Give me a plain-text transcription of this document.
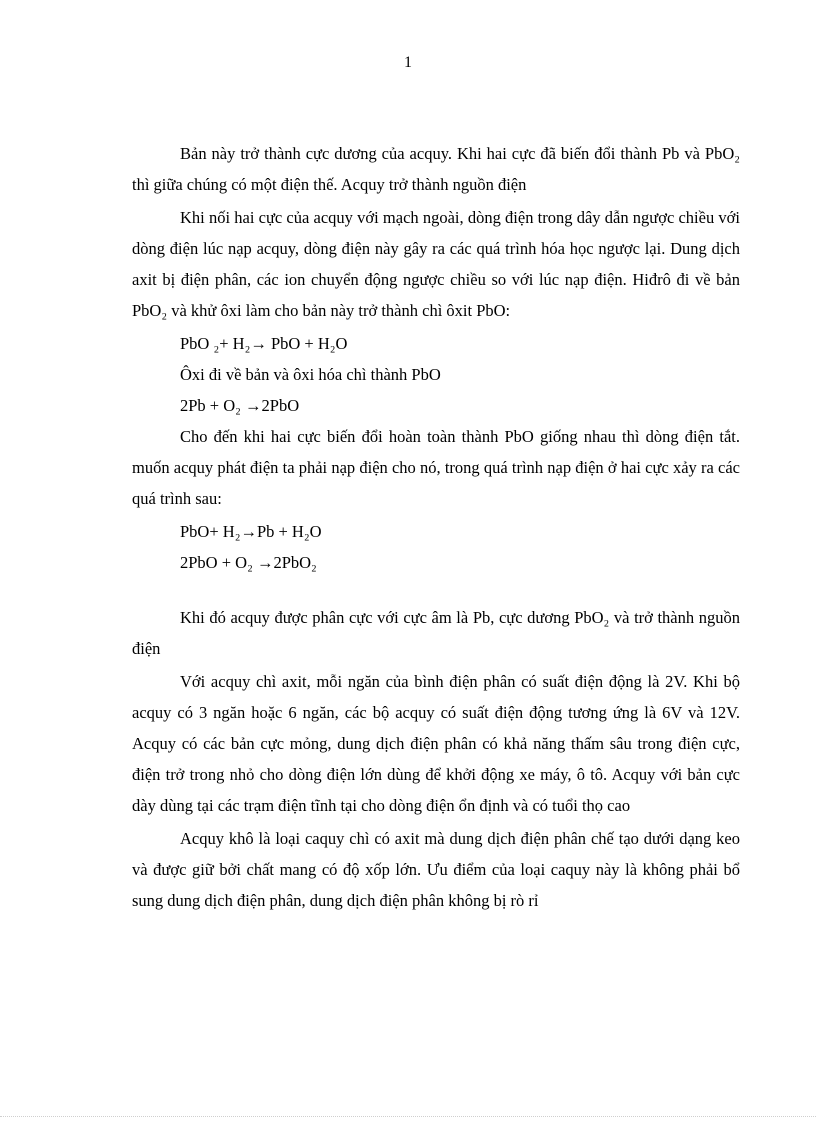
1

Bản này trở thành cực dương của acquy. Khi hai cực đã biến đổi thành Pb và PbO₂ thì giữa chúng có một điện thế. Acquy trở thành nguồn điện

Khi nối hai cực của acquy với mạch ngoài, dòng điện trong dây dẫn ngược chiều với dòng điện lúc nạp acquy, dòng điện này gây ra các quá trình hóa học ngược lại. Dung dịch axit bị điện phân, các ion chuyển động ngược chiều so với lúc nạp điện. Hiđrô đi về bản PbO₂ và khử ôxi làm cho bản này trở thành chì ôxit PbO:

PbO ₂+ H₂→ PbO + H₂O

Ôxi đi về bản và ôxi hóa chì thành PbO

2Pb + O₂ →2PbO

Cho đến khi hai cực biến đổi hoàn toàn thành PbO giống nhau thì dòng điện tắt. muốn acquy phát điện ta phải nạp điện cho nó, trong quá trình nạp điện ở hai cực xảy ra các quá trình sau:

PbO+ H₂→Pb + H₂O

2PbO + O₂ →2PbO₂

Khi đó acquy được phân cực với cực âm là Pb, cực dương PbO₂ và trở thành nguồn điện

Với acquy chì axit, mỗi ngăn của bình điện phân có suất điện động là 2V. Khi bộ acquy có 3 ngăn hoặc 6 ngăn, các bộ acquy có suất điện động tương ứng là 6V và 12V. Acquy có các bản cực mỏng, dung dịch điện phân có khả năng thấm sâu trong điện cực, điện trở trong nhỏ cho dòng điện lớn dùng để khởi động xe máy, ô tô. Acquy với bản cực dày dùng tại các trạm điện tĩnh tại cho dòng điện ổn định và có tuổi thọ cao

Acquy khô là loại caquy chì có axit mà dung dịch điện phân chế tạo dưới dạng keo và được giữ bởi chất mang có độ xốp lớn. Ưu điểm của loại caquy này là không phải bổ sung dung dịch điện phân, dung dịch điện phân không bị rò rỉ
